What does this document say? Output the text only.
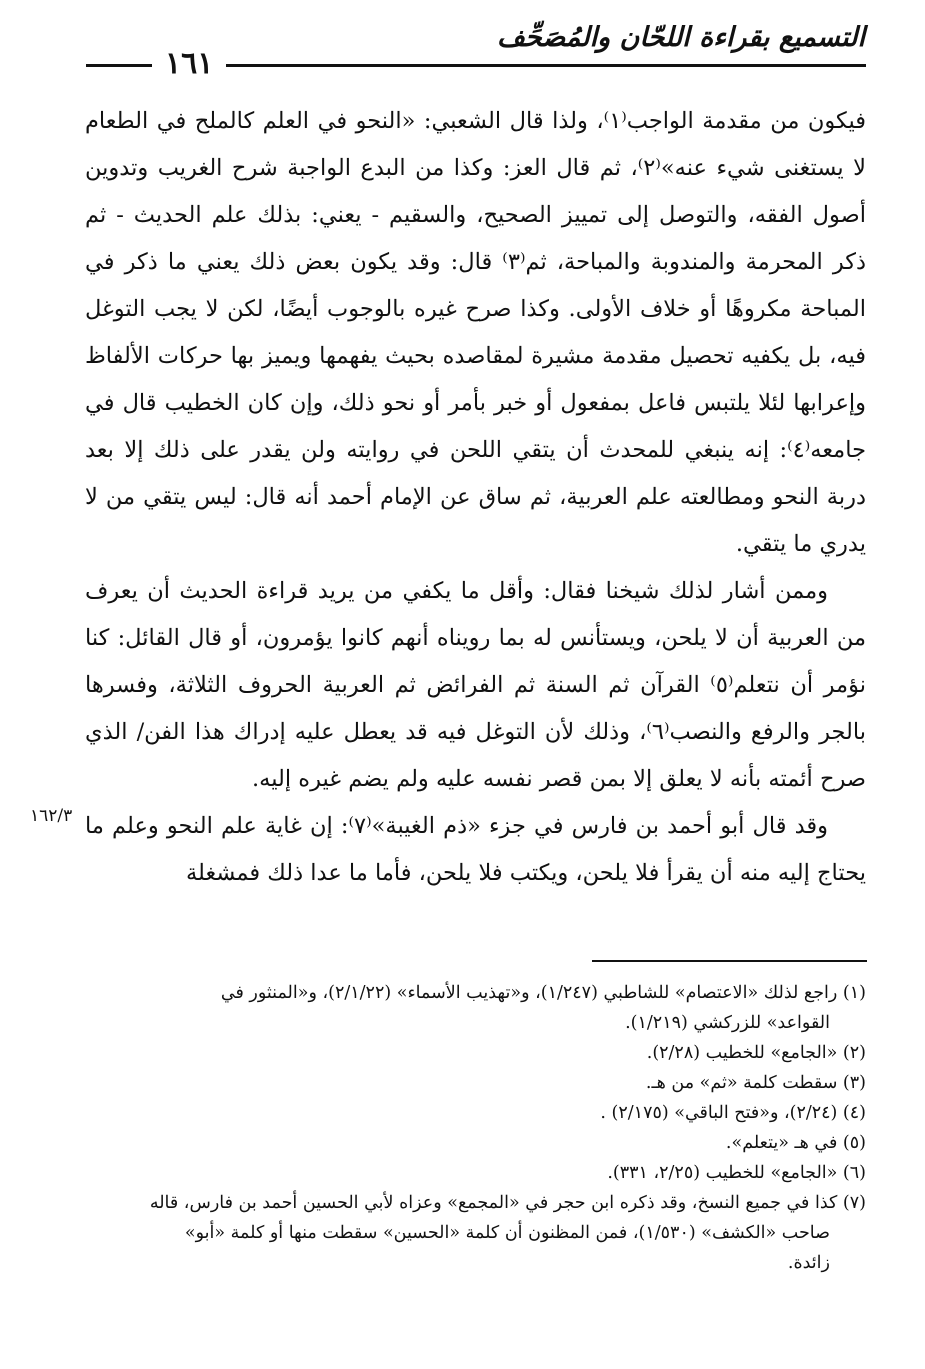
التسميع بقراءة اللحّان والمُصَحِّف
١٦١

فيكون من مقدمة الواجب⁽١⁾، ولذا قال الشعبي: «النحو في العلم كالملح في الطعام لا يستغنى شيء عنه»⁽٢⁾، ثم قال العز: وكذا من البدع الواجبة شرح الغريب وتدوين أصول الفقه، والتوصل إلى تمييز الصحيح، والسقيم - يعني: بذلك علم الحديث - ثم ذكر المحرمة والمندوبة والمباحة، ثم⁽٣⁾ قال: وقد يكون بعض ذلك يعني ما ذكر في المباحة مكروهًا أو خلاف الأولى. وكذا صرح غيره بالوجوب أيضًا، لكن لا يجب التوغل فيه، بل يكفيه تحصيل مقدمة مشيرة لمقاصده بحيث يفهمها ويميز بها حركات الألفاظ وإعرابها لئلا يلتبس فاعل بمفعول أو خبر بأمر أو نحو ذلك، وإن كان الخطيب قال في جامعه⁽٤⁾: إنه ينبغي للمحدث أن يتقي اللحن في روايته ولن يقدر على ذلك إلا بعد دربة النحو ومطالعته علم العربية، ثم ساق عن الإمام أحمد أنه قال: ليس يتقي من لا يدري ما يتقي.

وممن أشار لذلك شيخنا فقال: وأقل ما يكفي من يريد قراءة الحديث أن يعرف من العربية أن لا يلحن، ويستأنس له بما رويناه أنهم كانوا يؤمرون، أو قال القائل: كنا نؤمر أن نتعلم⁽٥⁾ القرآن ثم السنة ثم الفرائض ثم العربية الحروف الثلاثة، وفسرها بالجر والرفع والنصب⁽٦⁾، وذلك لأن التوغل فيه قد يعطل عليه إدراك هذا الفن/ الذي صرح أئمته بأنه لا يعلق إلا بمن قصر نفسه عليه ولم يضم غيره إليه.

وقد قال أبو أحمد بن فارس في جزء «ذم الغيبة»⁽٧⁾: إن غاية علم النحو وعلم ما يحتاج إليه منه أن يقرأ فلا يلحن، ويكتب فلا يلحن، فأما ما عدا ذلك فمشغلة

١٦٢/٣

(١) راجع لذلك «الاعتصام» للشاطبي (١/٢٤٧)، و«تهذيب الأسماء» (٢/١/٢٢)، و«المنثور في

القواعد» للزركشي (١/٢١٩).

(٢) «الجامع» للخطيب (٢/٢٨).

(٣) سقطت كلمة «ثم» من هـ.

(٤) (٢/٢٤)، و«فتح الباقي» (٢/١٧٥) .

(٥) في هـ «يتعلم».

(٦) «الجامع» للخطيب (٢/٢٥، ٣٣١).

(٧) كذا في جميع النسخ، وقد ذكره ابن حجر في «المجمع» وعزاه لأبي الحسين أحمد بن فارس، قاله

صاحب «الكشف» (١/٥٣٠)، فمن المظنون أن كلمة «الحسين» سقطت منها أو كلمة «أبو»

زائدة.
